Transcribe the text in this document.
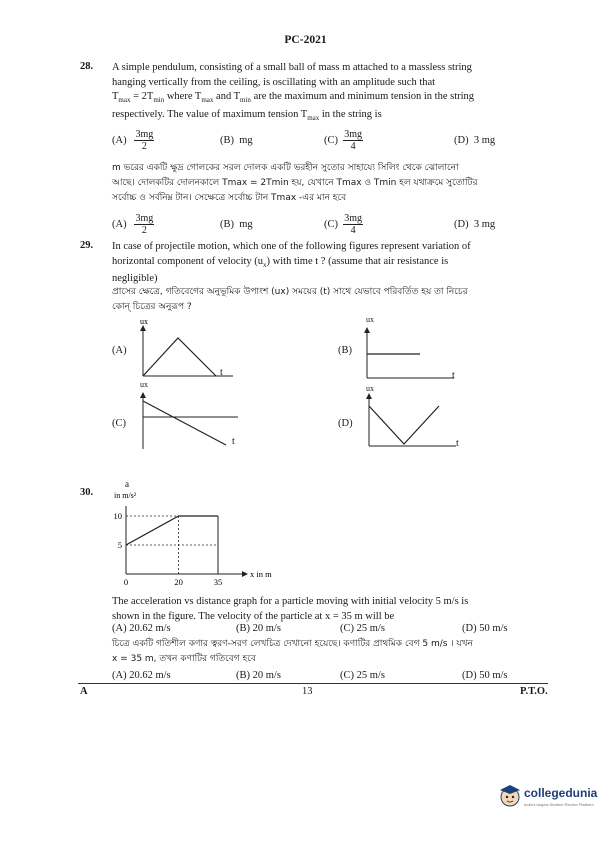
PC-2021
28. A simple pendulum, consisting of a small ball of mass m attached to a massless string
hanging vertically from the ceiling, is oscillating with an amplitude such that
$T_{max} = 2T_{min}$ where $T_{max}$ and $T_{min}$ are the maximum and minimum tension in the string
respectively. The value of maximum tension $T_{max}$ in the string is
$(A) \frac{3mg}{2}$	(B) mg	$(C) \frac{3mg}{4}$	(D) 3 mg
m ভরের একটি ক্ষুদ্র গোলকের সরল দোলক একটি ভরহীন সুতোর সাহায্যে সিলিং থেকে ঝোলানো
আছে। দোলকটির দোলনকালে Tmax = 2Tmin হয়, যেখানে Tmax ও Tmin হল যথাক্রমে সুতোটির
সর্বোচ্চ ও সর্বনিম্ন টান। সেক্ষেত্রে সর্বোচ্চ টান Tmax -এর মান হবে
$(A) \frac{3mg}{2}$	(B) mg	$(C) \frac{3mg}{4}$	(D) 3 mg
29. In case of projectile motion, which one of the following figures represent variation of
horizontal component of velocity $(u_x)$ with time t ? (assume that air resistance is
negligible)
প্রাসের ক্ষেত্রে, গতিবেগের অনুভূমিক উপাংশ (ux) সময়ের (t) সাথে যেভাবে পরিবর্তিত হয় তা নিচের
কোন্ চিত্রের অনুরূপ ?
(A)
ux
t
(B)
ux
t
(C)
ux
t
(D)
ux
t
30.
a
in m/s²
10
5
0	20	35
x in m
The acceleration vs distance graph for a particle moving with initial velocity 5 m/s is
shown in the figure. The velocity of the particle at x = 35 m will be
(A) 20.62 m/s	(B) 20 m/s	(C) 25 m/s	(D) 50 m/s
চিত্রে একটি গতিশীল কণার ত্বরণ-সরণ লেখচিত্র দেখানো হয়েছে। কণাটির প্রাথমিক বেগ 5 m/s । যখন
x = 35 m, তখন কণাটির গতিবেগ হবে
(A) 20.62 m/s	(B) 20 m/s	(C) 25 m/s	(D) 50 m/s
A	13	P.T.O.
collegedunia
India's largest Student Review Platform
